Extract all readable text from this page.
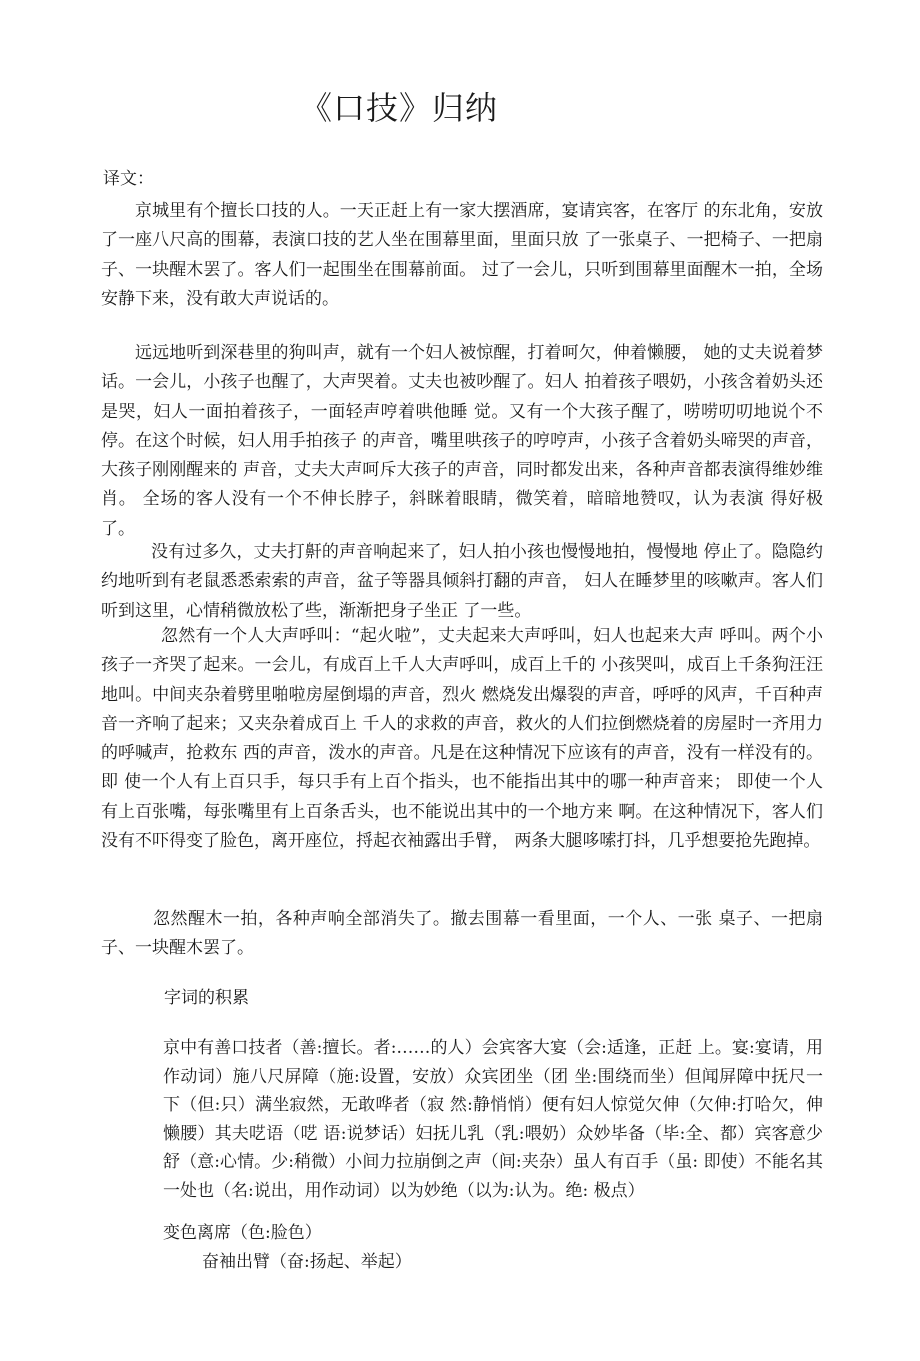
《口技》归纳
译文：

京城里有个擅长口技的人。一天正赶上有一家大摆酒席，宴请宾客，在客厅 的东北角，安放了一座八尺高的围幕，表演口技的艺人坐在围幕里面，里面只放 了一张桌子、一把椅子、一把扇子、一块醒木罢了。客人们一起围坐在围幕前面。 过了一会儿，只听到围幕里面醒木一拍，全场安静下来，没有敢大声说话的。

远远地听到深巷里的狗叫声，就有一个妇人被惊醒，打着呵欠，伸着懒腰， 她的丈夫说着梦话。一会儿，小孩子也醒了，大声哭着。丈夫也被吵醒了。妇人 拍着孩子喂奶，小孩含着奶头还是哭，妇人一面拍着孩子，一面轻声哼着哄他睡 觉。又有一个大孩子醒了，唠唠叨叨地说个不停。在这个时候，妇人用手拍孩子 的声音，嘴里哄孩子的哼哼声，小孩子含着奶头啼哭的声音，大孩子刚刚醒来的 声音，丈夫大声呵斥大孩子的声音，同时都发出来，各种声音都表演得维妙维肖。 全场的客人没有一个不伸长脖子，斜眯着眼睛，微笑着，暗暗地赞叹，认为表演 得好极了。

没有过多久，丈夫打鼾的声音响起来了，妇人拍小孩也慢慢地拍，慢慢地 停止了。隐隐约约地听到有老鼠悉悉索索的声音，盆子等器具倾斜打翻的声音， 妇人在睡梦里的咳嗽声。客人们听到这里，心情稍微放松了些，渐渐把身子坐正 了一些。

忽然有一个人大声呼叫：“起火啦”，丈夫起来大声呼叫，妇人也起来大声 呼叫。两个小孩子一齐哭了起来。一会儿，有成百上千人大声呼叫，成百上千的 小孩哭叫，成百上千条狗汪汪地叫。中间夹杂着劈里啪啦房屋倒塌的声音，烈火 燃烧发出爆裂的声音，呼呼的风声，千百种声音一齐响了起来；又夹杂着成百上 千人的求救的声音，救火的人们拉倒燃烧着的房屋时一齐用力的呼喊声，抢救东 西的声音，泼水的声音。凡是在这种情况下应该有的声音，没有一样没有的。即 使一个人有上百只手，每只手有上百个指头，也不能指出其中的哪一种声音来； 即使一个人有上百张嘴，每张嘴里有上百条舌头，也不能说出其中的一个地方来 啊。在这种情况下，客人们没有不吓得变了脸色，离开座位，捋起衣袖露出手臂， 两条大腿哆嗦打抖，几乎想要抢先跑掉。

忽然醒木一拍，各种声响全部消失了。撤去围幕一看里面，一个人、一张 桌子、一把扇子、一块醒木罢了。

字词的积累

京中有善口技者（善:擅长。者:……的人）会宾客大宴（会:适逢，正赶 上。宴:宴请，用作动词）施八尺屏障（施:设置，安放）众宾团坐（团 坐:围绕而坐）但闻屏障中抚尺一下（但:只）满坐寂然，无敢哗者（寂 然:静悄悄）便有妇人惊觉欠伸（欠伸:打哈欠，伸懒腰）其夫呓语（呓 语:说梦话）妇抚儿乳（乳:喂奶）众妙毕备（毕:全、都）宾客意少 舒（意:心情。少:稍微）小间力拉崩倒之声（间:夹杂）虽人有百手（虽: 即使）不能名其一处也（名:说出，用作动词）以为妙绝（以为:认为。绝: 极点）

变色离席（色:脸色）

奋袖出臂（奋:扬起、举起）
